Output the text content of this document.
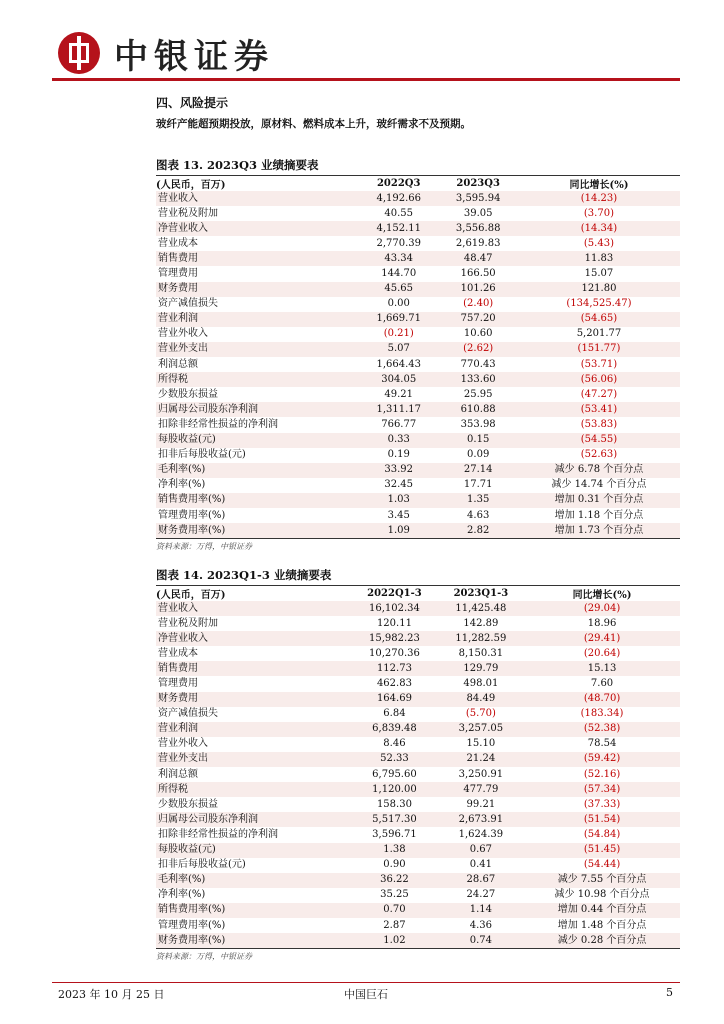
中银证券
四、风险提示
玻纤产能超预期投放，原材料、燃料成本上升，玻纤需求不及预期。
图表 13. 2023Q3 业绩摘要表
(人民币，百万)	2022Q3	2023Q3	同比增长(%)
营业收入	4,192.66	3,595.94	(14.23)
营业税及附加	40.55	39.05	(3.70)
净营业收入	4,152.11	3,556.88	(14.34)
营业成本	2,770.39	2,619.83	(5.43)
销售费用	43.34	48.47	11.83
管理费用	144.70	166.50	15.07
财务费用	45.65	101.26	121.80
资产减值损失	0.00	(2.40)	(134,525.47)
营业利润	1,669.71	757.20	(54.65)
营业外收入	(0.21)	10.60	5,201.77
营业外支出	5.07	(2.62)	(151.77)
利润总额	1,664.43	770.43	(53.71)
所得税	304.05	133.60	(56.06)
少数股东损益	49.21	25.95	(47.27)
归属母公司股东净利润	1,311.17	610.88	(53.41)
扣除非经常性损益的净利润	766.77	353.98	(53.83)
每股收益(元)	0.33	0.15	(54.55)
扣非后每股收益(元)	0.19	0.09	(52.63)
毛利率(%)	33.92	27.14	减少 6.78 个百分点
净利率(%)	32.45	17.71	减少 14.74 个百分点
销售费用率(%)	1.03	1.35	增加 0.31 个百分点
管理费用率(%)	3.45	4.63	增加 1.18 个百分点
财务费用率(%)	1.09	2.82	增加 1.73 个百分点
资料来源：万得，中银证券
图表 14. 2023Q1-3 业绩摘要表
(人民币，百万)	2022Q1-3	2023Q1-3	同比增长(%)
营业收入	16,102.34	11,425.48	(29.04)
营业税及附加	120.11	142.89	18.96
净营业收入	15,982.23	11,282.59	(29.41)
营业成本	10,270.36	8,150.31	(20.64)
销售费用	112.73	129.79	15.13
管理费用	462.83	498.01	7.60
财务费用	164.69	84.49	(48.70)
资产减值损失	6.84	(5.70)	(183.34)
营业利润	6,839.48	3,257.05	(52.38)
营业外收入	8.46	15.10	78.54
营业外支出	52.33	21.24	(59.42)
利润总额	6,795.60	3,250.91	(52.16)
所得税	1,120.00	477.79	(57.34)
少数股东损益	158.30	99.21	(37.33)
归属母公司股东净利润	5,517.30	2,673.91	(51.54)
扣除非经常性损益的净利润	3,596.71	1,624.39	(54.84)
每股收益(元)	1.38	0.67	(51.45)
扣非后每股收益(元)	0.90	0.41	(54.44)
毛利率(%)	36.22	28.67	减少 7.55 个百分点
净利率(%)	35.25	24.27	减少 10.98 个百分点
销售费用率(%)	0.70	1.14	增加 0.44 个百分点
管理费用率(%)	2.87	4.36	增加 1.48 个百分点
财务费用率(%)	1.02	0.74	减少 0.28 个百分点
资料来源：万得，中银证券
2023 年 10 月 25 日	中国巨石	5
